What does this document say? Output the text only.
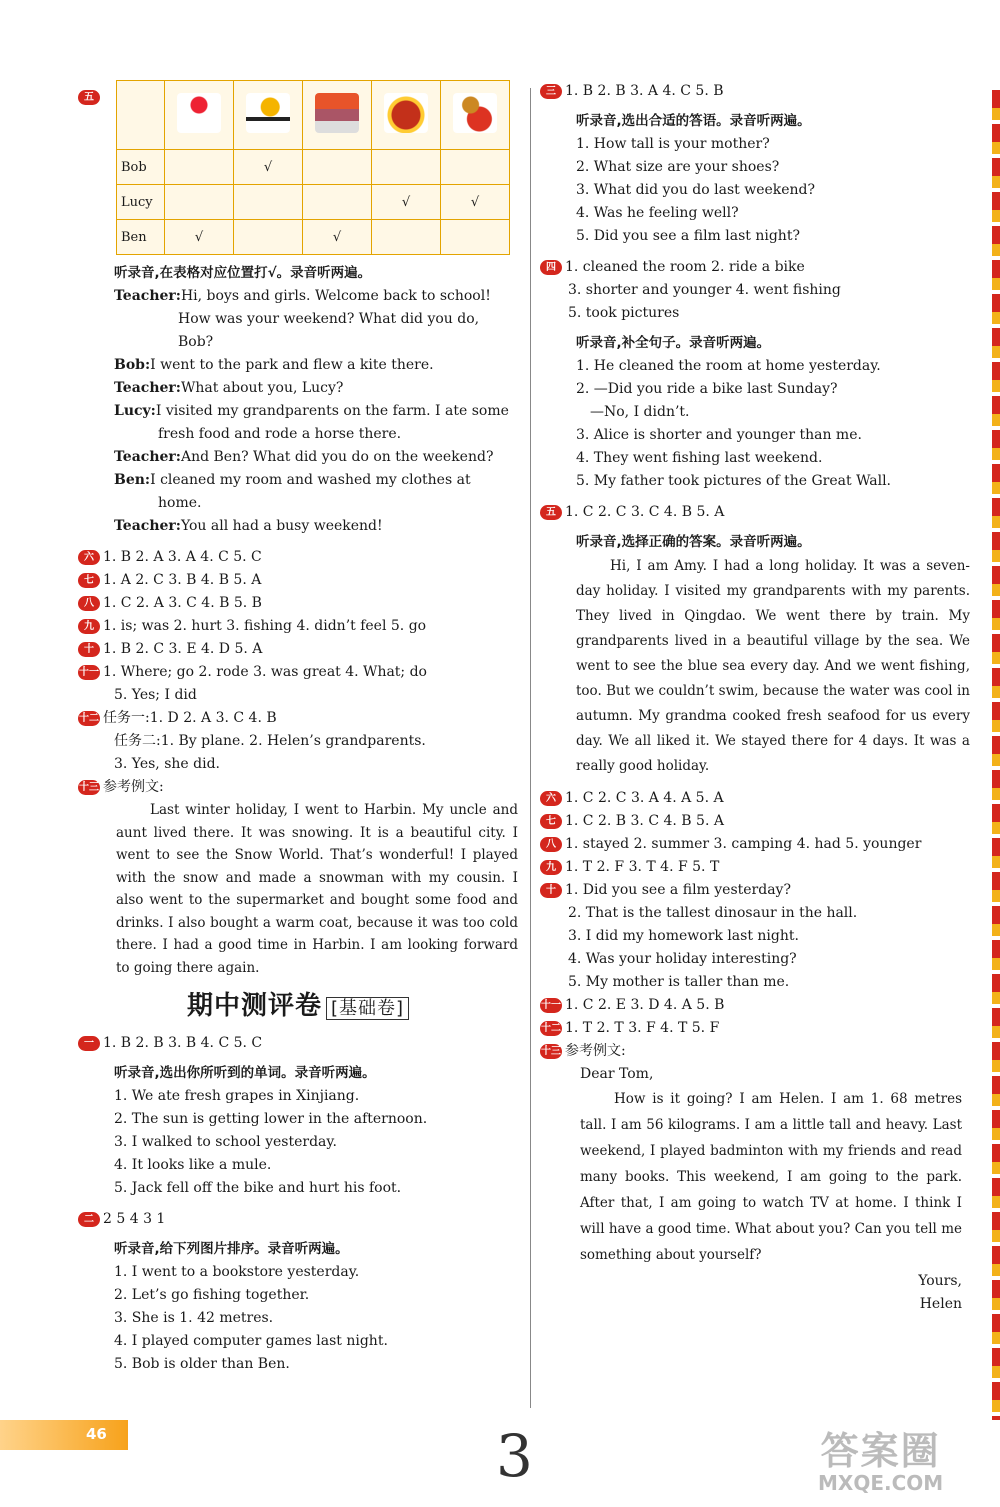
五

Bob		√			
Lucy				√	√
Ben	√		√		
听录音,在表格对应位置打√。录音听两遍。
Teacher:Hi, boys and girls. Welcome back to school!
How was your weekend? What did you do,
Bob?
Bob:I went to the park and flew a kite there.
Teacher:What about you, Lucy?
Lucy:I visited my grandparents on the farm. I ate some
fresh food and rode a horse there.
Teacher:And Ben? What did you do on the weekend?
Ben:I cleaned my room and washed my clothes at
home.
Teacher:You all had a busy weekend!
六 1. B 2. A 3. A 4. C 5. C
七 1. A 2. C 3. B 4. B 5. A
八 1. C 2. A 3. C 4. B 5. B
九 1. is; was 2. hurt 3. fishing 4. didn’t feel 5. go
十 1. B 2. C 3. E 4. D 5. A
十一 1. Where; go 2. rode 3. was great 4. What; do
5. Yes; I did
十二 任务一:1. D 2. A 3. C 4. B
任务二:1. By plane. 2. Helen’s grandparents.
3. Yes, she did.
十三 参考例文:
Last winter holiday, I went to Harbin. My uncle and aunt lived there. It was snowing. It is a beautiful city. I went to see the Snow World. That’s wonderful! I played with the snow and made a snowman with my cousin. I also went to the supermarket and bought some food and drinks. I also bought a warm coat, because it was too cold there. I had a good time in Harbin. I am looking forward to going there again.
期中测评卷 [基础卷]
一 1. B 2. B 3. B 4. C 5. C
听录音,选出你所听到的单词。录音听两遍。
1. We ate fresh grapes in Xinjiang.
2. The sun is getting lower in the afternoon.
3. I walked to school yesterday.
4. It looks like a mule.
5. Jack fell off the bike and hurt his foot.
二 2 5 4 3 1
听录音,给下列图片排序。录音听两遍。
1. I went to a bookstore yesterday.
2. Let’s go fishing together.
3. She is 1. 42 metres.
4. I played computer games last night.
5. Bob is older than Ben.
三 1. B 2. B 3. A 4. C 5. B
听录音,选出合适的答语。录音听两遍。
1. How tall is your mother?
2. What size are your shoes?
3. What did you do last weekend?
4. Was he feeling well?
5. Did you see a film last night?
四 1. cleaned the room 2. ride a bike
3. shorter and younger 4. went fishing
5. took pictures
听录音,补全句子。录音听两遍。
1. He cleaned the room at home yesterday.
2. —Did you ride a bike last Sunday?
—No, I didn’t.
3. Alice is shorter and younger than me.
4. They went fishing last weekend.
5. My father took pictures of the Great Wall.
五 1. C 2. C 3. C 4. B 5. A
听录音,选择正确的答案。录音听两遍。
Hi, I am Amy. I had a long holiday. It was a seven-day holiday. I visited my grandparents with my parents. They lived in Qingdao. We went there by train. My grandparents lived in a beautiful village by the sea. We went to see the blue sea every day. And we went fishing, too. But we couldn’t swim, because the water was cool in autumn. My grandma cooked fresh seafood for us every day. We all liked it. We stayed there for 4 days. It was a really good holiday.
六 1. C 2. C 3. A 4. A 5. A
七 1. C 2. B 3. C 4. B 5. A
八 1. stayed 2. summer 3. camping 4. had 5. younger
九 1. T 2. F 3. T 4. F 5. T
十 1. Did you see a film yesterday?
2. That is the tallest dinosaur in the hall.
3. I did my homework last night.
4. Was your holiday interesting?
5. My mother is taller than me.
十一 1. C 2. E 3. D 4. A 5. B
十二 1. T 2. T 3. F 4. T 5. F
十三 参考例文:
Dear Tom,
How is it going? I am Helen. I am 1. 68 metres tall. I am 56 kilograms. I am a little tall and heavy. Last weekend, I played badminton with my friends and read many books. This weekend, I am going to the park. After that, I am going to watch TV at home. I think I will have a good time. What about you? Can you tell me something about yourself?
Yours,
Helen
46	3	答案圈
MXQE.COM
